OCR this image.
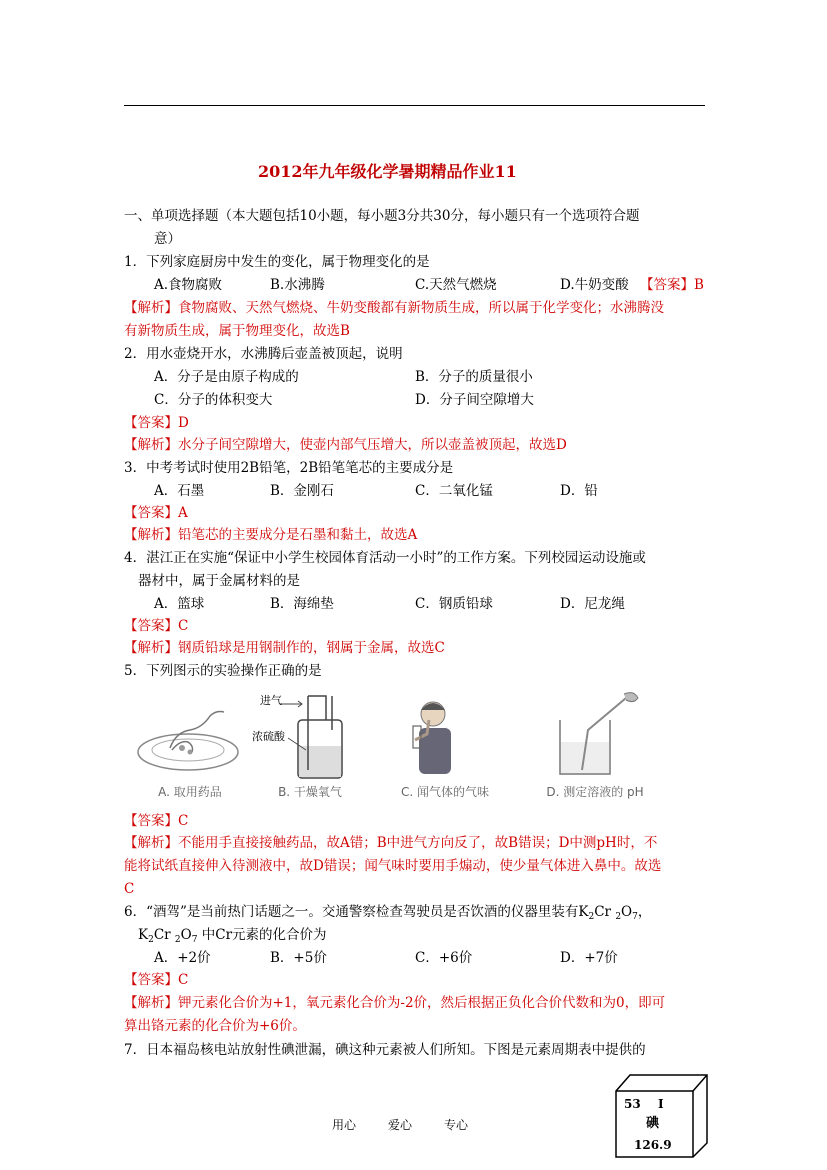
2012年九年级化学暑期精品作业11
一、单项选择题（本大题包括10小题，每小题3分共30分，每小题只有一个选项符合题
意）
1．下列家庭厨房中发生的变化，属于物理变化的是
A.食物腐败	B.水沸腾	C.天然气燃烧	D.牛奶变酸 【答案】 B
【解析】食物腐败、天然气燃烧、牛奶变酸都有新物质生成，所以属于化学变化；水沸腾没
有新物质生成，属于物理变化，故选B
2．用水壶烧开水，水沸腾后壶盖被顶起，说明
A．分子是由原子构成的	B．分子的质量很小
C．分子的体积变大	D．分子间空隙增大
【答案】D
【解析】水分子间空隙增大，使壶内部气压增大，所以壶盖被顶起，故选D
3．中考考试时使用2B铅笔，2B铅笔笔芯的主要成分是
A．石墨	B．金刚石	C．二氧化锰	D．铅
【答案】A
【解析】铅笔芯的主要成分是石墨和黏土，故选A
4．湛江正在实施“保证中小学生校园体育活动一小时”的工作方案。下列校园运动设施或
器材中，属于金属材料的是
A．篮球	B．海绵垫	C．钢质铅球	D．尼龙绳
【答案】C
【解析】钢质铅球是用钢制作的，钢属于金属，故选C
5．下列图示的实验操作正确的是
A. 取用药品
进气
浓硫酸
B. 干燥氧气	C. 闻气体的气味	D. 测定溶液的 pH
【答案】C
【解析】不能用手直接接触药品，故A错；B中进气方向反了，故B错误；D中测pH时，不
能将试纸直接伸入待测液中，故D错误；闻气味时要用手煽动，使少量气体进入鼻中。故选
C
6．“酒驾”是当前热门话题之一。交通警察检查驾驶员是否饮酒的仪器里装有$K_2Cr$ $_2O_7$，
$K_2Cr$ $_2O_7$ 中Cr元素的化合价为
A．+2价	B．+5价	C．+6价	D．+7价
【答案】C
【解析】钾元素化合价为+1，氧元素化合价为-2价，然后根据正负化合价代数和为0，即可
算出铬元素的化合价为+6价。
7．日本福岛核电站放射性碘泄漏，碘这种元素被人们所知。下图是元素周期表中提供的
53 I
碘
126.9
用心	爱心	专心
